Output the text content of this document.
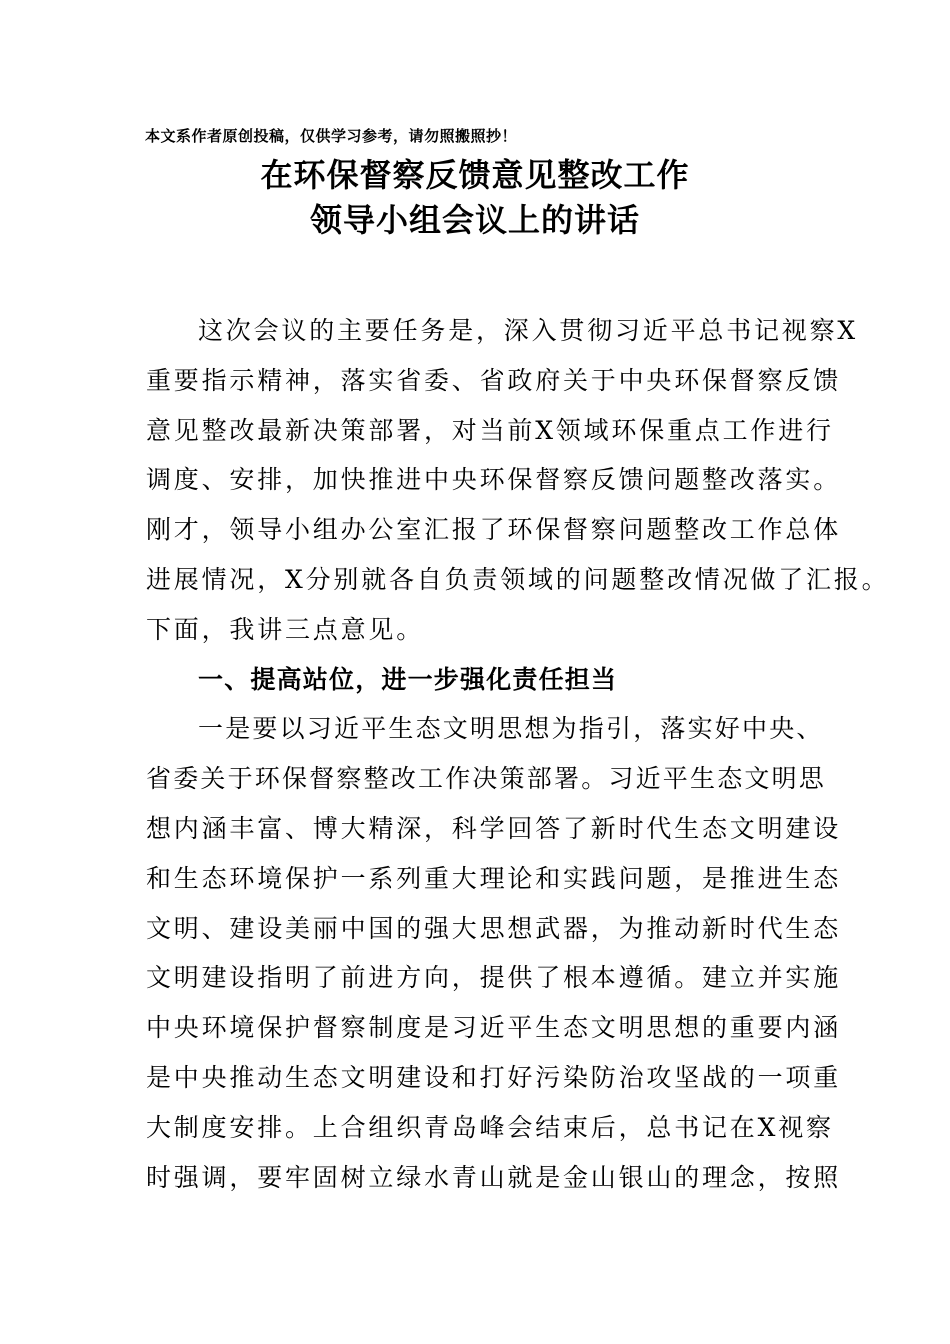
本文系作者原创投稿，仅供学习参考，请勿照搬照抄！
在环保督察反馈意见整改工作
领导小组会议上的讲话
这次会议的主要任务是，深入贯彻习近平总书记视察X
重要指示精神，落实省委、省政府关于中央环保督察反馈
意见整改最新决策部署，对当前X领域环保重点工作进行
调度、安排，加快推进中央环保督察反馈问题整改落实。
刚才，领导小组办公室汇报了环保督察问题整改工作总体
进展情况，X分别就各自负责领域的问题整改情况做了汇报。
下面，我讲三点意见。
一、提高站位，进一步强化责任担当
一是要以习近平生态文明思想为指引，落实好中央、
省委关于环保督察整改工作决策部署。习近平生态文明思
想内涵丰富、博大精深，科学回答了新时代生态文明建设
和生态环境保护一系列重大理论和实践问题，是推进生态
文明、建设美丽中国的强大思想武器，为推动新时代生态
文明建设指明了前进方向，提供了根本遵循。建立并实施
中央环境保护督察制度是习近平生态文明思想的重要内涵
是中央推动生态文明建设和打好污染防治攻坚战的一项重
大制度安排。上合组织青岛峰会结束后，总书记在X视察
时强调，要牢固树立绿水青山就是金山银山的理念，按照
